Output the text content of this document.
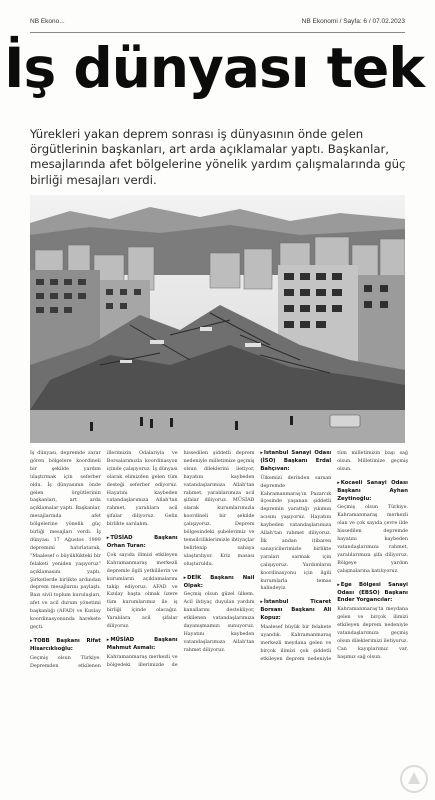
NB Ekono...	NB Ekonomi / Sayfa: 6 / 07.02.2023
İş dünyası tek

Yürekleri yakan deprem sonrası iş dünyasının önde gelen örgütlerinin başkanları, art arda açıklamalar yaptı. Başkanlar, mesajlarında afet bölgelerine yönelik yardım çalışmalarında güç birliği mesajları verdi.

İş dünyası, depremde zarar gören bölgelere koordineli bir şekilde yardım ulaştırmak için seferber oldu. İş dünyasının önde gelen örgütlerinin başkanları, art arda açıklamalar yaptı. Başkanlar, mesajlarında afet bölgelerine yönelik güç birliği mesajları verdi. İş dünyası 17 Ağustos 1999 depremini hatırlatarak, "Maalesef o büyüklükteki bir felaketi yeniden yaşıyoruz" açıklamasını yaptı. Şirketlerde birlikte ardından deprem mesajlarını paylaştı. Bazı sivil toplum kuruluşları, afet ve acil durum yönetimi başkanlığı (AFAD) ve Kızılay koordinasyonunda harekete geçti.

▸TOBB Başkanı Rifat Hisarcıklıoğlu:

Geçmiş olsun Türkiye. Depremden etkilenen illerimizin Odalarıyla ve Borsalarımızla koordinasyon içinde çalışıyoruz. İş dünyası olarak elimizden gelen tüm desteği seferber ediyoruz. Hayatını kaybeden vatandaşlarımıza Allah'tan rahmet, yaralılara acil şifalar diliyoruz. Gelin birlikte sarılalım.

▸TÜSİAD Başkanı Orhan Turan:

Çok sayıda ilimizi etkileyen Kahramanmaraş merkezli depremle ilgili yetkililerin ve kurumların açıklamalarını takip ediyoruz. AFAD ve Kızılay başta olmak üzere tüm kurumlarımız ile iş birliği içinde olacağız. Yaralılara acil şifalar diliyoruz.

▸MÜSİAD Başkanı Mahmut Asmalı:

Kahramanmaraş merkezli ve bölgedeki illerimizde de hissedilen şiddetli deprem nedeniyle milletimize geçmiş olsun dileklerini iletiyor, hayatını kaybeden vatandaşlarımıza Allah'tan rahmet, yaralılarımıza acil şifalar diliyoruz. MÜSİAD olarak kurumlarımızla koordineli bir şekilde çalışıyoruz. Deprem bölgesindeki şubelerimiz ve temsilciliklerimizle ihtiyaçlar belirlenip sahaya ulaştırılıyor. Kriz masası oluşturuldu.

▸DEİK Başkanı Nail Olpak:

Geçmiş olsun güzel ülkem. Acil ihtiyaç duyulan yardım kanallarını destekliyor, etkilenen vatandaşlarımıza dayanışmamızı sunuyoruz. Hayatını kaybeden vatandaşlarımıza Allah'tan rahmet diliyoruz.

▸İstanbul Sanayi Odası (İSO) Başkanı Erdal Bahçıvan:

Ülkemizi derinden sarsan depremde Kahramanmaraş'ın Pazarcık ilçesinde yaşanan şiddetli depremin yarattığı yıkımın acısını yaşıyoruz. Hayatını kaybeden vatandaşlarımıza Allah'tan rahmet diliyoruz. İlk andan itibaren sanayicilerimizle birlikte yaraları sarmak için çalışıyoruz. Yardımların koordinasyonu için ilgili kurumlarla temas halindeyiz.

▸İstanbul Ticaret Borsası Başkanı Ali Kopuz:

Maalesef büyük bir felakete uyandık. Kahramanmaraş merkezli meydana gelen ve birçok ilimizi çok şiddetli etkileyen deprem nedeniyle tüm milletimizin başı sağ olsun. Milletimize geçmiş olsun.

▸Kocaeli Sanayi Odası Başkanı Ayhan Zeytinoğlu:

Geçmiş olsun Türkiye. Kahramanmaraş merkezli olan ve çok sayıda çevre ilde hissedilen depremde hayatını kaybeden vatandaşlarımıza rahmet, yaralılarımıza şifa diliyoruz. Bölgeye yardım çalışmalarına katılıyoruz.

▸Ege Bölgesi Sanayi Odası (EBSO) Başkanı Ender Yorgancılar:

Kahramanmaraş'ta meydana gelen ve birçok ilimizi etkileyen deprem nedeniyle vatandaşlarımıza geçmiş olsun dileklerimizi iletiyoruz. Can kayıplarımız var, başımız sağ olsun.
